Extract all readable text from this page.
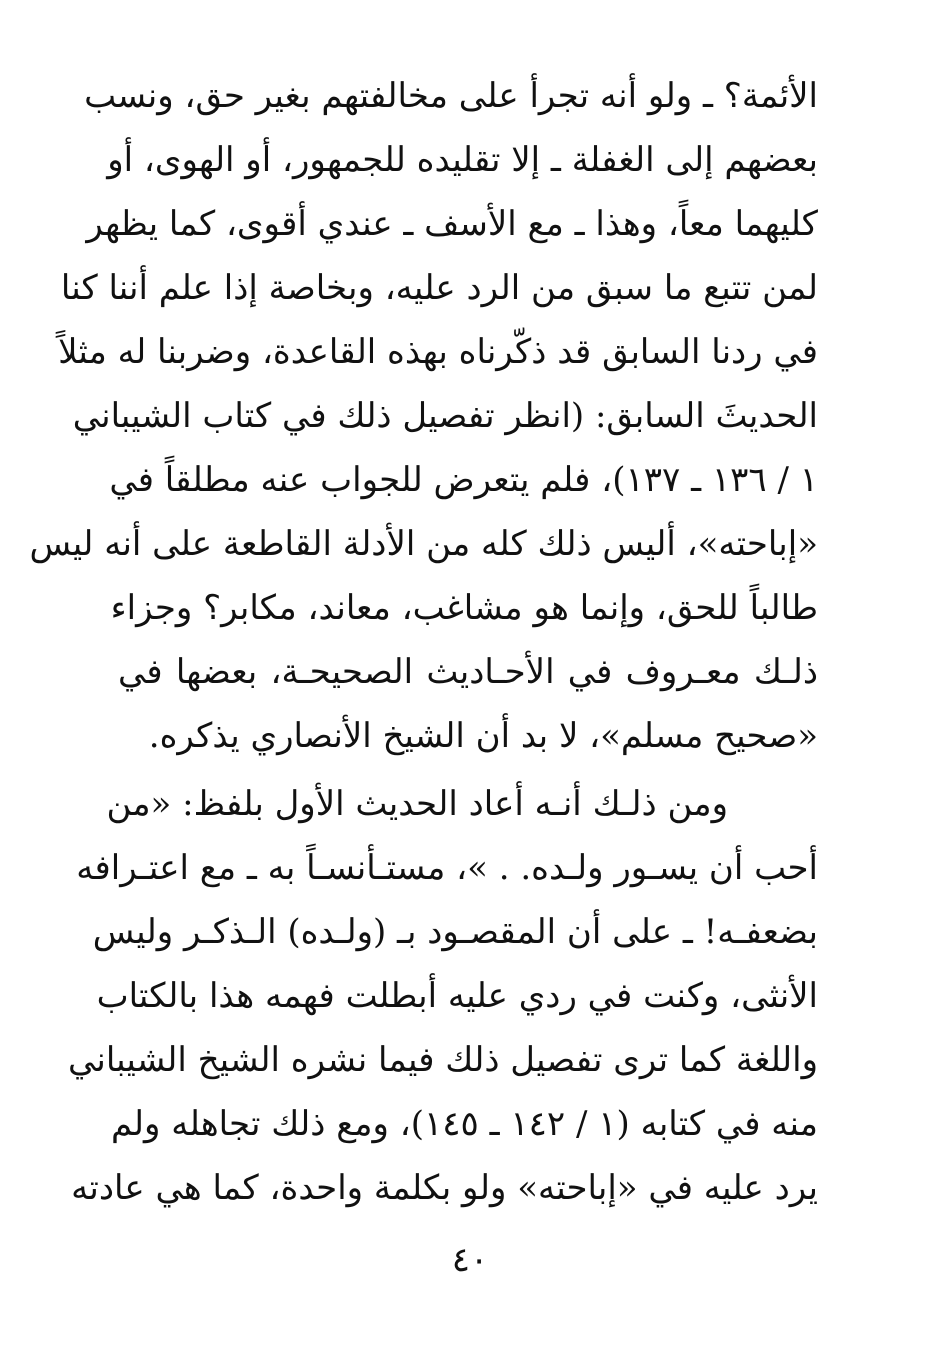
الأئمة؟ ـ ولو أنه تجرأ على مخالفتهم بغير حق، ونسب
بعضهم إلى الغفلة ـ إلا تقليده للجمهور، أو الهوى، أو
كليهما معاً، وهذا ـ مع الأسف ـ عندي أقوى، كما يظهر
لمن تتبع ما سبق من الرد عليه، وبخاصة إذا علم أننا كنا
في ردنا السابق قد ذكّرناه بهذه القاعدة، وضربنا له مثلاً
الحديثَ السابق: (انظر تفصيل ذلك في كتاب الشيباني
١ / ١٣٦ ـ ١٣٧)، فلم يتعرض للجواب عنه مطلقاً في
«إباحته»، أليس ذلك كله من الأدلة القاطعة على أنه ليس
طالباً للحق، وإنما هو مشاغب، معاند، مكابر؟ وجزاء
ذلـك معـروف في الأحـاديث الصحيحـة، بعضها في
«صحيح مسلم»، لا بد أن الشيخ الأنصاري يذكره.
ومن ذلـك أنـه أعاد الحديث الأول بلفظ: «من
أحب أن يسـور ولـده. . »، مستـأنسـاً به ـ مع اعتـرافه
بضعفـه! ـ على أن المقصـود بـ (ولـده) الـذكـر وليس
الأنثى، وكنت في ردي عليه أبطلت فهمه هذا بالكتاب
واللغة كما ترى تفصيل ذلك فيما نشره الشيخ الشيباني
منه في كتابه (١ / ١٤٢ ـ ١٤٥)، ومع ذلك تجاهله ولم
يرد عليه في «إباحته» ولو بكلمة واحدة، كما هي عادته
٤٠
